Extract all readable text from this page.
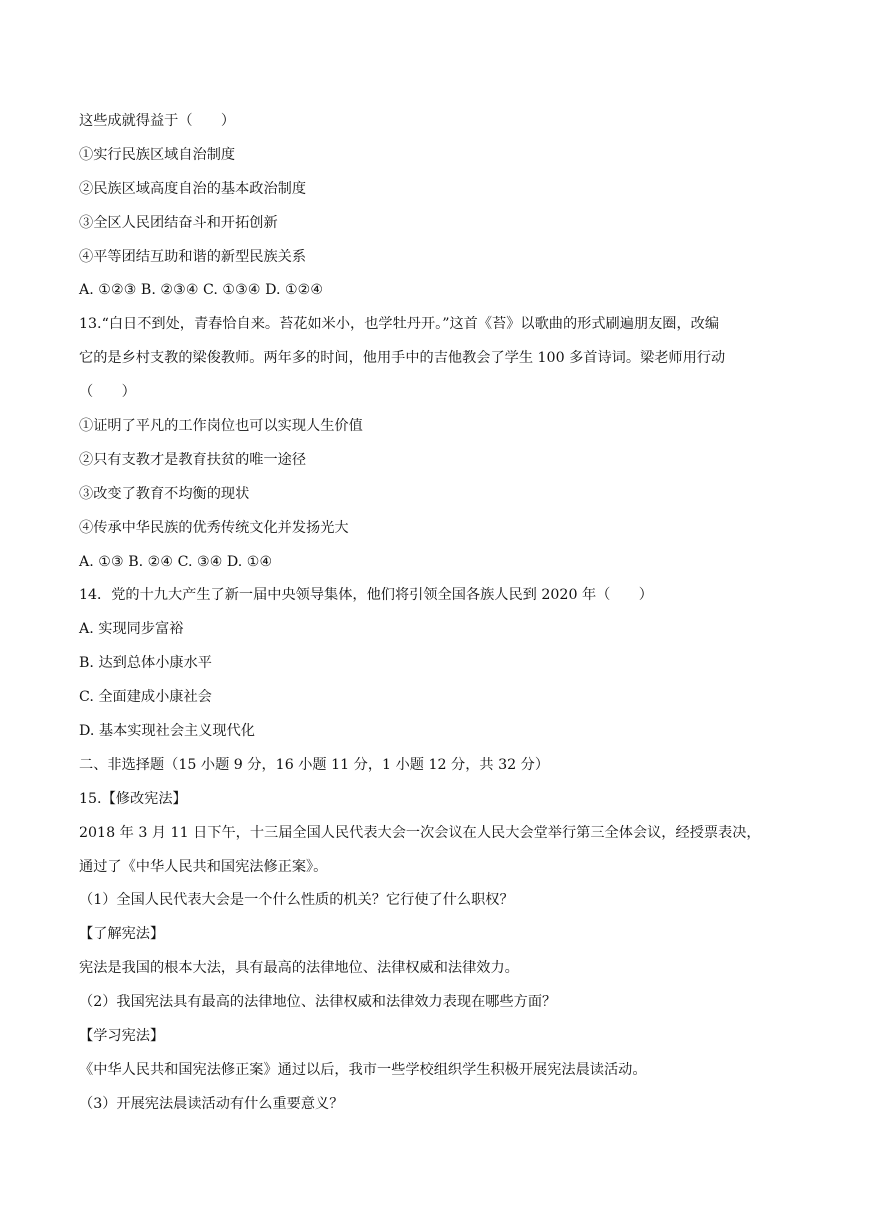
这些成就得益于（　　）
①实行民族区域自治制度
②民族区域高度自治的基本政治制度
③全区人民团结奋斗和开拓创新
④平等团结互助和谐的新型民族关系
A. ①②③ B. ②③④ C. ①③④ D. ①②④
13.“白日不到处，青春恰自来。苔花如米小，也学牡丹开。”这首《苔》以歌曲的形式刷遍朋友圈，改编
它的是乡村支教的梁俊教师。两年多的时间，他用手中的吉他教会了学生 100 多首诗词。梁老师用行动
（　　）
①证明了平凡的工作岗位也可以实现人生价值
②只有支教才是教育扶贫的唯一途径
③改变了教育不均衡的现状
④传承中华民族的优秀传统文化并发扬光大
A. ①③ B. ②④ C. ③④ D. ①④
14．党的十九大产生了新一届中央领导集体，他们将引领全国各族人民到 2020 年（　　）
A. 实现同步富裕
B. 达到总体小康水平
C. 全面建成小康社会
D. 基本实现社会主义现代化
二、非选择题（15 小题 9 分，16 小题 11 分，1 小题 12 分，共 32 分）
15.【修改宪法】
2018 年 3 月 11 日下午，十三届全国人民代表大会一次会议在人民大会堂举行第三全体会议，经授票表决，
通过了《中华人民共和国宪法修正案》。
（1）全国人民代表大会是一个什么性质的机关？它行使了什么职权？
【了解宪法】
宪法是我国的根本大法，具有最高的法律地位、法律权威和法律效力。
（2）我国宪法具有最高的法律地位、法律权威和法律效力表现在哪些方面？
【学习宪法】
《中华人民共和国宪法修正案》通过以后，我市一些学校组织学生积极开展宪法晨读活动。
（3）开展宪法晨读活动有什么重要意义？
